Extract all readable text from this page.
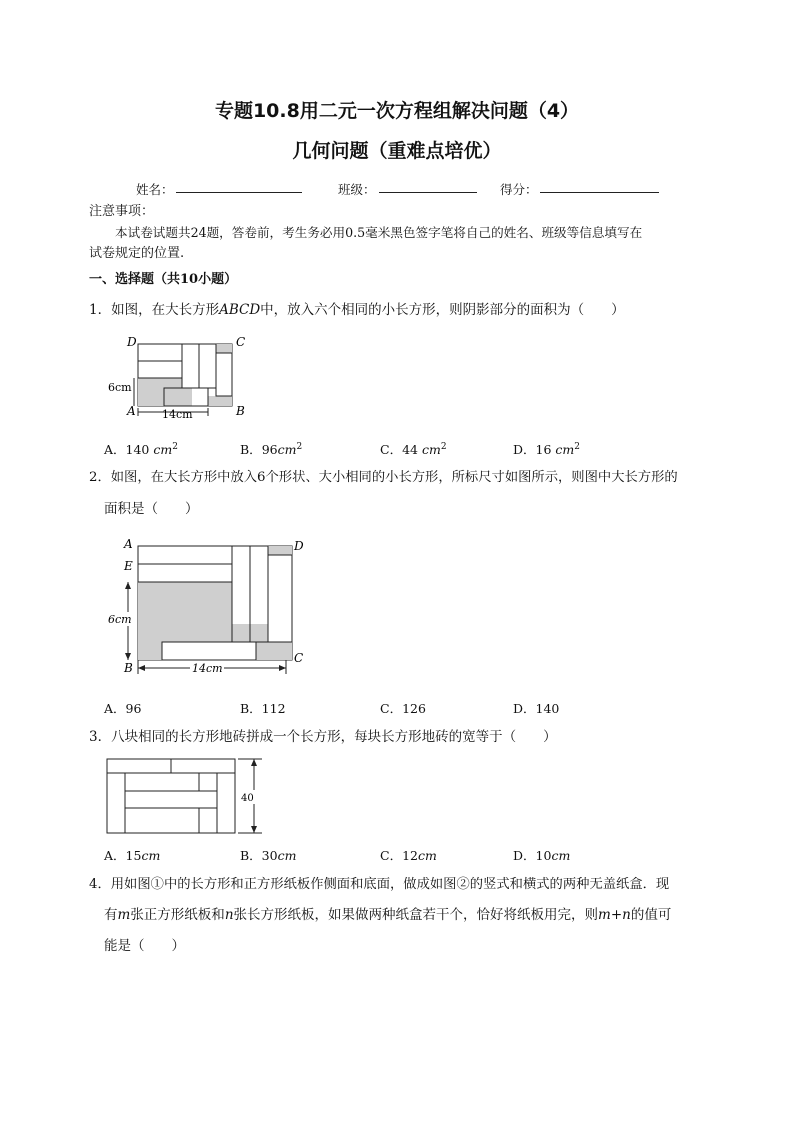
专题10.8用二元一次方程组解决问题（4）
几何问题（重难点培优）
姓名：	班级：	得分：
注意事项：
本试卷试题共24题，答卷前，考生务必用0.5毫米黑色签字笔将自己的姓名、班级等信息填写在
试卷规定的位置.
一、选择题（共10小题）
1．如图，在大长方形ABCD中，放入六个相同的小长方形，则阴影部分的面积为（　　）
D	C
A	B
6cm
14cm
A．140 $cm^2$	B．$96cm^2$	C．44 $cm^2$	D．16 $cm^2$
2．如图，在大长方形中放入6个形状、大小相同的小长方形，所标尺寸如图所示，则图中大长方形的
面积是（　　）
A	D
E
B
C
6cm
14cm
A．96	B．112	C．126	D．140
3．八块相同的长方形地砖拼成一个长方形，每块长方形地砖的宽等于（　　）
40
A．15cm	B．30cm	C．12cm	D．10cm
4．用如图①中的长方形和正方形纸板作侧面和底面，做成如图②的竖式和横式的两种无盖纸盒．现
有m张正方形纸板和n张长方形纸板，如果做两种纸盒若干个，恰好将纸板用完，则m+n的值可
能是（　　）
